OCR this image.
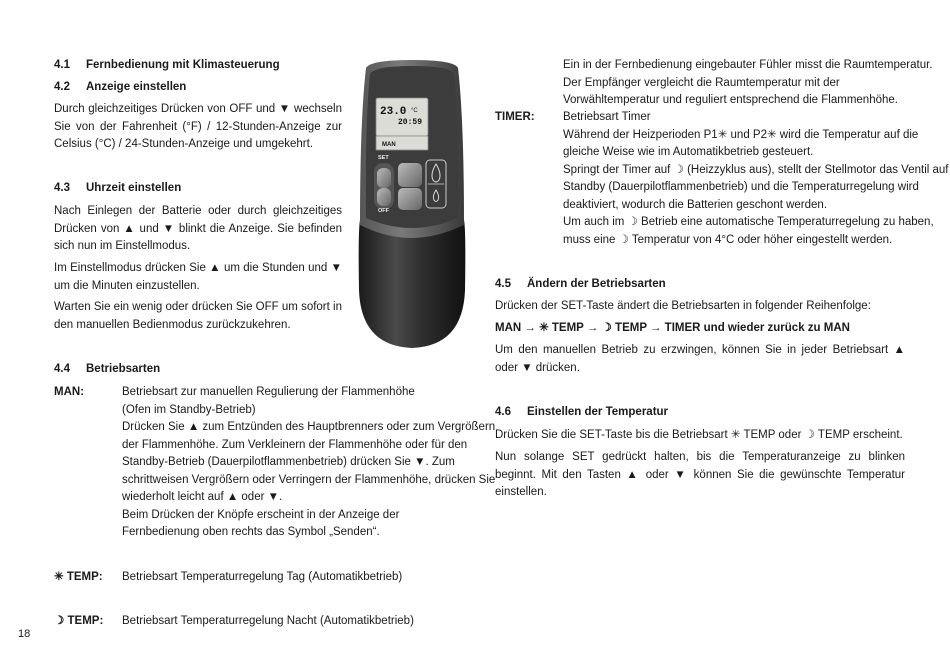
4.1 Fernbedienung mit Klimasteuerung
4.2 Anzeige einstellen
Durch gleichzeitiges Drücken von OFF und ▼ wechseln Sie von der Fahrenheit (°F) / 12-Stunden-Anzeige zur Celsius (°C) / 24-Stunden-Anzeige und umgekehrt.
4.3 Uhrzeit einstellen
Nach Einlegen der Batterie oder durch gleichzeitiges Drücken von ▲ und ▼ blinkt die Anzeige. Sie befinden sich nun im Einstellmodus.
Im Einstellmodus drücken Sie ▲ um die Stunden und ▼ um die Minuten einzustellen.
Warten Sie ein wenig oder drücken Sie OFF um sofort in den manuellen Bedienmodus zurückzukehren.
4.4 Betriebsarten
MAN:	Betriebsart zur manuellen Regulierung der Flammenhöhe
(Ofen im Standby-Betrieb)
Drücken Sie ▲ zum Entzünden des Hauptbrenners oder zum Vergrößern
der Flammenhöhe. Zum Verkleinern der Flammenhöhe oder für den
Standby-Betrieb (Dauerpilotflammenbetrieb) drücken Sie ▼. Zum
schrittweisen Vergrößern oder Verringern der Flammenhöhe, drücken Sie
wiederholt leicht auf ▲ oder ▼.
Beim Drücken der Knöpfe erscheint in der Anzeige der
Fernbedienung oben rechts das Symbol „Senden“.
✳ TEMP: Betriebsart Temperaturregelung Tag (Automatikbetrieb)
☽ TEMP: Betriebsart Temperaturregelung Nacht (Automatikbetrieb)
18
23.0 °C
20:59
MAN
SET
OFF
Ein in der Fernbedienung eingebauter Fühler misst die Raumtemperatur.
Der Empfänger vergleicht die Raumtemperatur mit der
Vorwähltemperatur und reguliert entsprechend die Flammenhöhe.
TIMER: Betriebsart Timer
Während der Heizperioden P1✳ und P2✳ wird die Temperatur auf die
gleiche Weise wie im Automatikbetrieb gesteuert.
Springt der Timer auf ☽ (Heizzyklus aus), stellt der Stellmotor das Ventil auf
Standby (Dauerpilotflammenbetrieb) und die Temperaturregelung wird
deaktiviert, wodurch die Batterien geschont werden.
Um auch im ☽ Betrieb eine automatische Temperaturregelung zu haben,
muss eine ☽ Temperatur von 4°C oder höher eingestellt werden.
4.5 Ändern der Betriebsarten
Drücken der SET-Taste ändert die Betriebsarten in folgender Reihenfolge:
MAN → ✳ TEMP → ☽ TEMP → TIMER und wieder zurück zu MAN
Um den manuellen Betrieb zu erzwingen, können Sie in jeder Betriebsart ▲ oder ▼ drücken.
4.6 Einstellen der Temperatur
Drücken Sie die SET-Taste bis die Betriebsart ✳ TEMP oder ☽ TEMP erscheint.
Nun solange SET gedrückt halten, bis die Temperaturanzeige zu blinken beginnt. Mit den Tasten ▲ oder ▼ können Sie die gewünschte Temperatur einstellen.
